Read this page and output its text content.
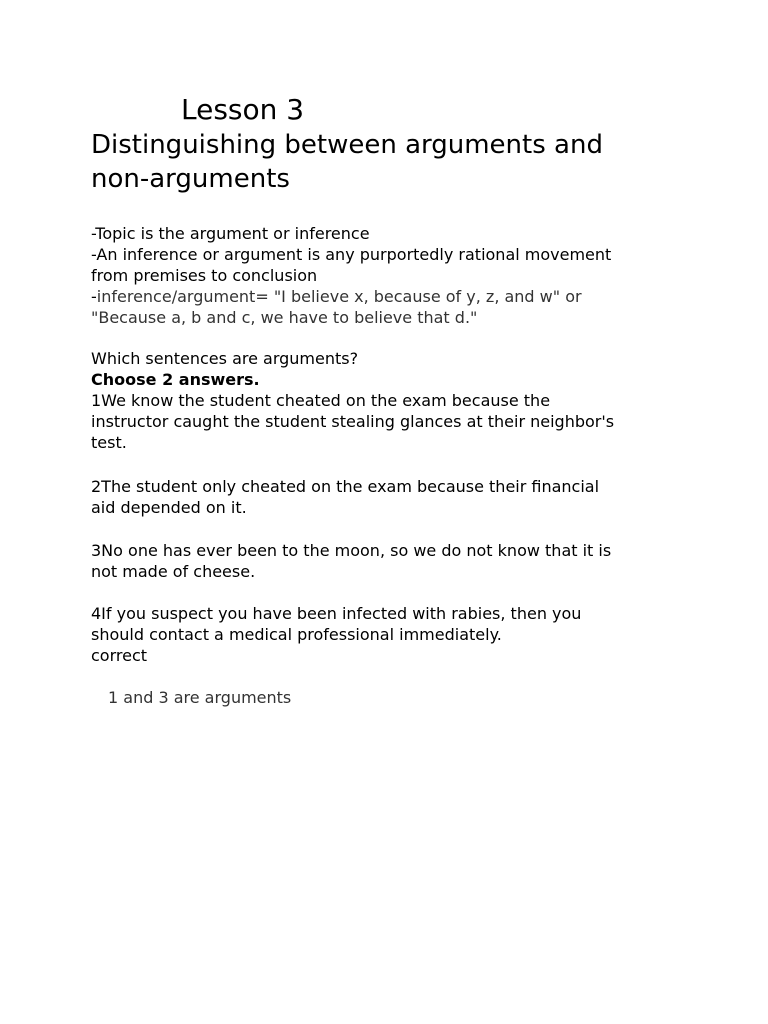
Lesson 3
Distinguishing between arguments and
non-arguments

-Topic is the argument or inference

-An inference or argument is any purportedly rational movement

from premises to conclusion

-inference/argument= "I believe x, because of y, z, and w" or

"Because a, b and c, we have to believe that d."

Which sentences are arguments?

Choose 2 answers.

1We know the student cheated on the exam because the

instructor caught the student stealing glances at their neighbor's

test.

2The student only cheated on the exam because their financial

aid depended on it.

3No one has ever been to the moon, so we do not know that it is

not made of cheese.

4If you suspect you have been infected with rabies, then you

should contact a medical professional immediately.

correct

1 and 3 are arguments
